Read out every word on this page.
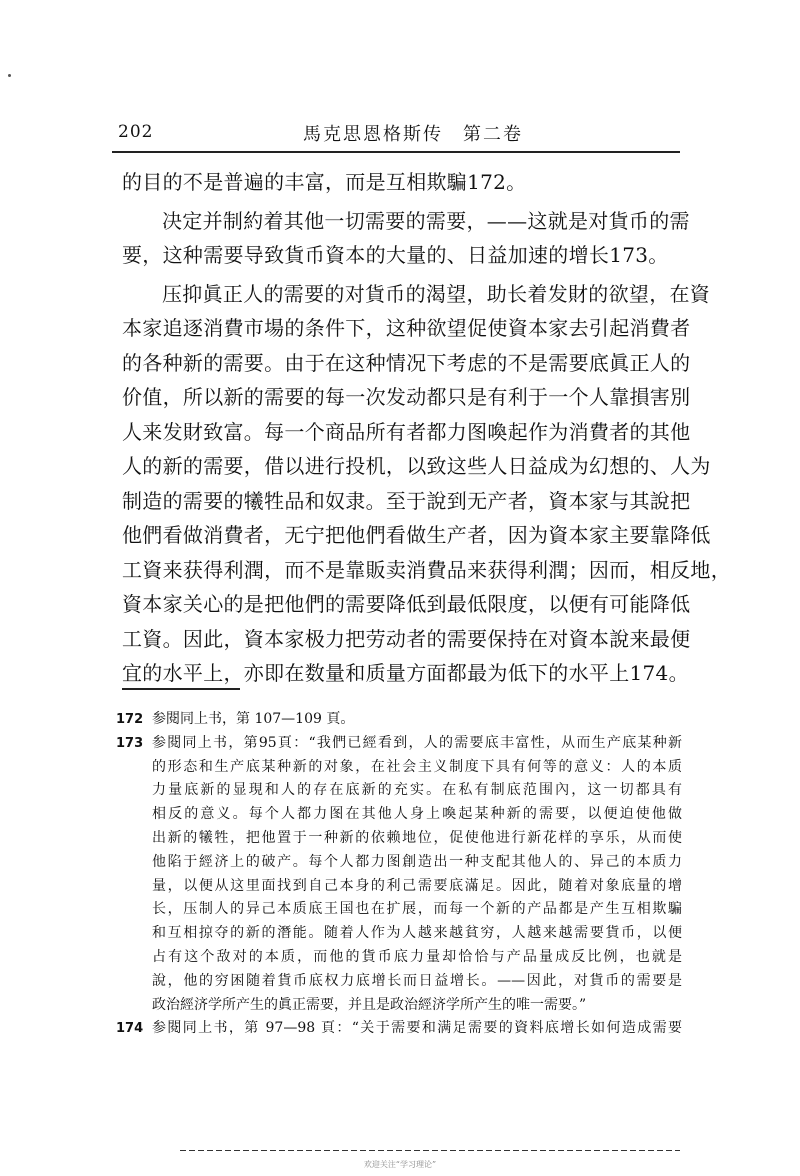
202	馬克思恩格斯传　第二卷
的目的不是普遍的丰富，而是互相欺騙172。
决定并制約着其他一切需要的需要，——这就是对貨币的需
要，这种需要导致貨币資本的大量的、日益加速的增长173。
压抑眞正人的需要的对貨币的渴望，助长着发財的欲望，在資
本家追逐消費市場的条件下，这种欲望促使資本家去引起消費者
的各种新的需要。由于在这种情况下考虑的不是需要底眞正人的
价值，所以新的需要的每一次发动都只是有利于一个人靠損害別
人来发財致富。每一个商品所有者都力图喚起作为消費者的其他
人的新的需要，借以进行投机，以致这些人日益成为幻想的、人为
制造的需要的犧牲品和奴隶。至于說到无产者，資本家与其說把
他們看做消費者，无宁把他們看做生产者，因为資本家主要靠降低
工資来获得利潤，而不是靠販卖消費品来获得利潤；因而，相反地，
資本家关心的是把他們的需要降低到最低限度，以便有可能降低
工資。因此，資本家极力把劳动者的需要保持在对資本說来最便
宜的水平上，亦即在数量和质量方面都最为低下的水平上174。
172 参閱同上书，第 107—109 頁。
173 参閱同上书，第95頁：“我們已經看到，人的需要底丰富性，从而生产底某种新
的形态和生产底某种新的对象，在社会主义制度下具有何等的意义：人的本质
力量底新的显現和人的存在底新的充实。在私有制底范围內，这一切都具有
相反的意义。每个人都力图在其他人身上喚起某种新的需要，以便迫使他做
出新的犧牲，把他置于一种新的依赖地位，促使他进行新花样的享乐，从而使
他陷于經济上的破产。每个人都力图創造出一种支配其他人的、异己的本质力
量，以便从这里面找到自己本身的利己需要底滿足。因此，随着对象底量的增
长，压制人的异己本质底王国也在扩展，而每一个新的产品都是产生互相欺騙
和互相掠夺的新的潛能。随着人作为人越来越貧穷，人越来越需要貨币，以便
占有这个敌对的本质，而他的貨币底力量却恰恰与产品量成反比例，也就是
說，他的穷困随着貨币底权力底增长而日益增长。——因此，对貨币的需要是
政治經济学所产生的眞正需要，并且是政治經济学所产生的唯一需要。”
174 参閱同上书，第 97—98 頁：“关于需要和满足需要的資料底增长如何造成需要
欢迎关注“学习理论”
